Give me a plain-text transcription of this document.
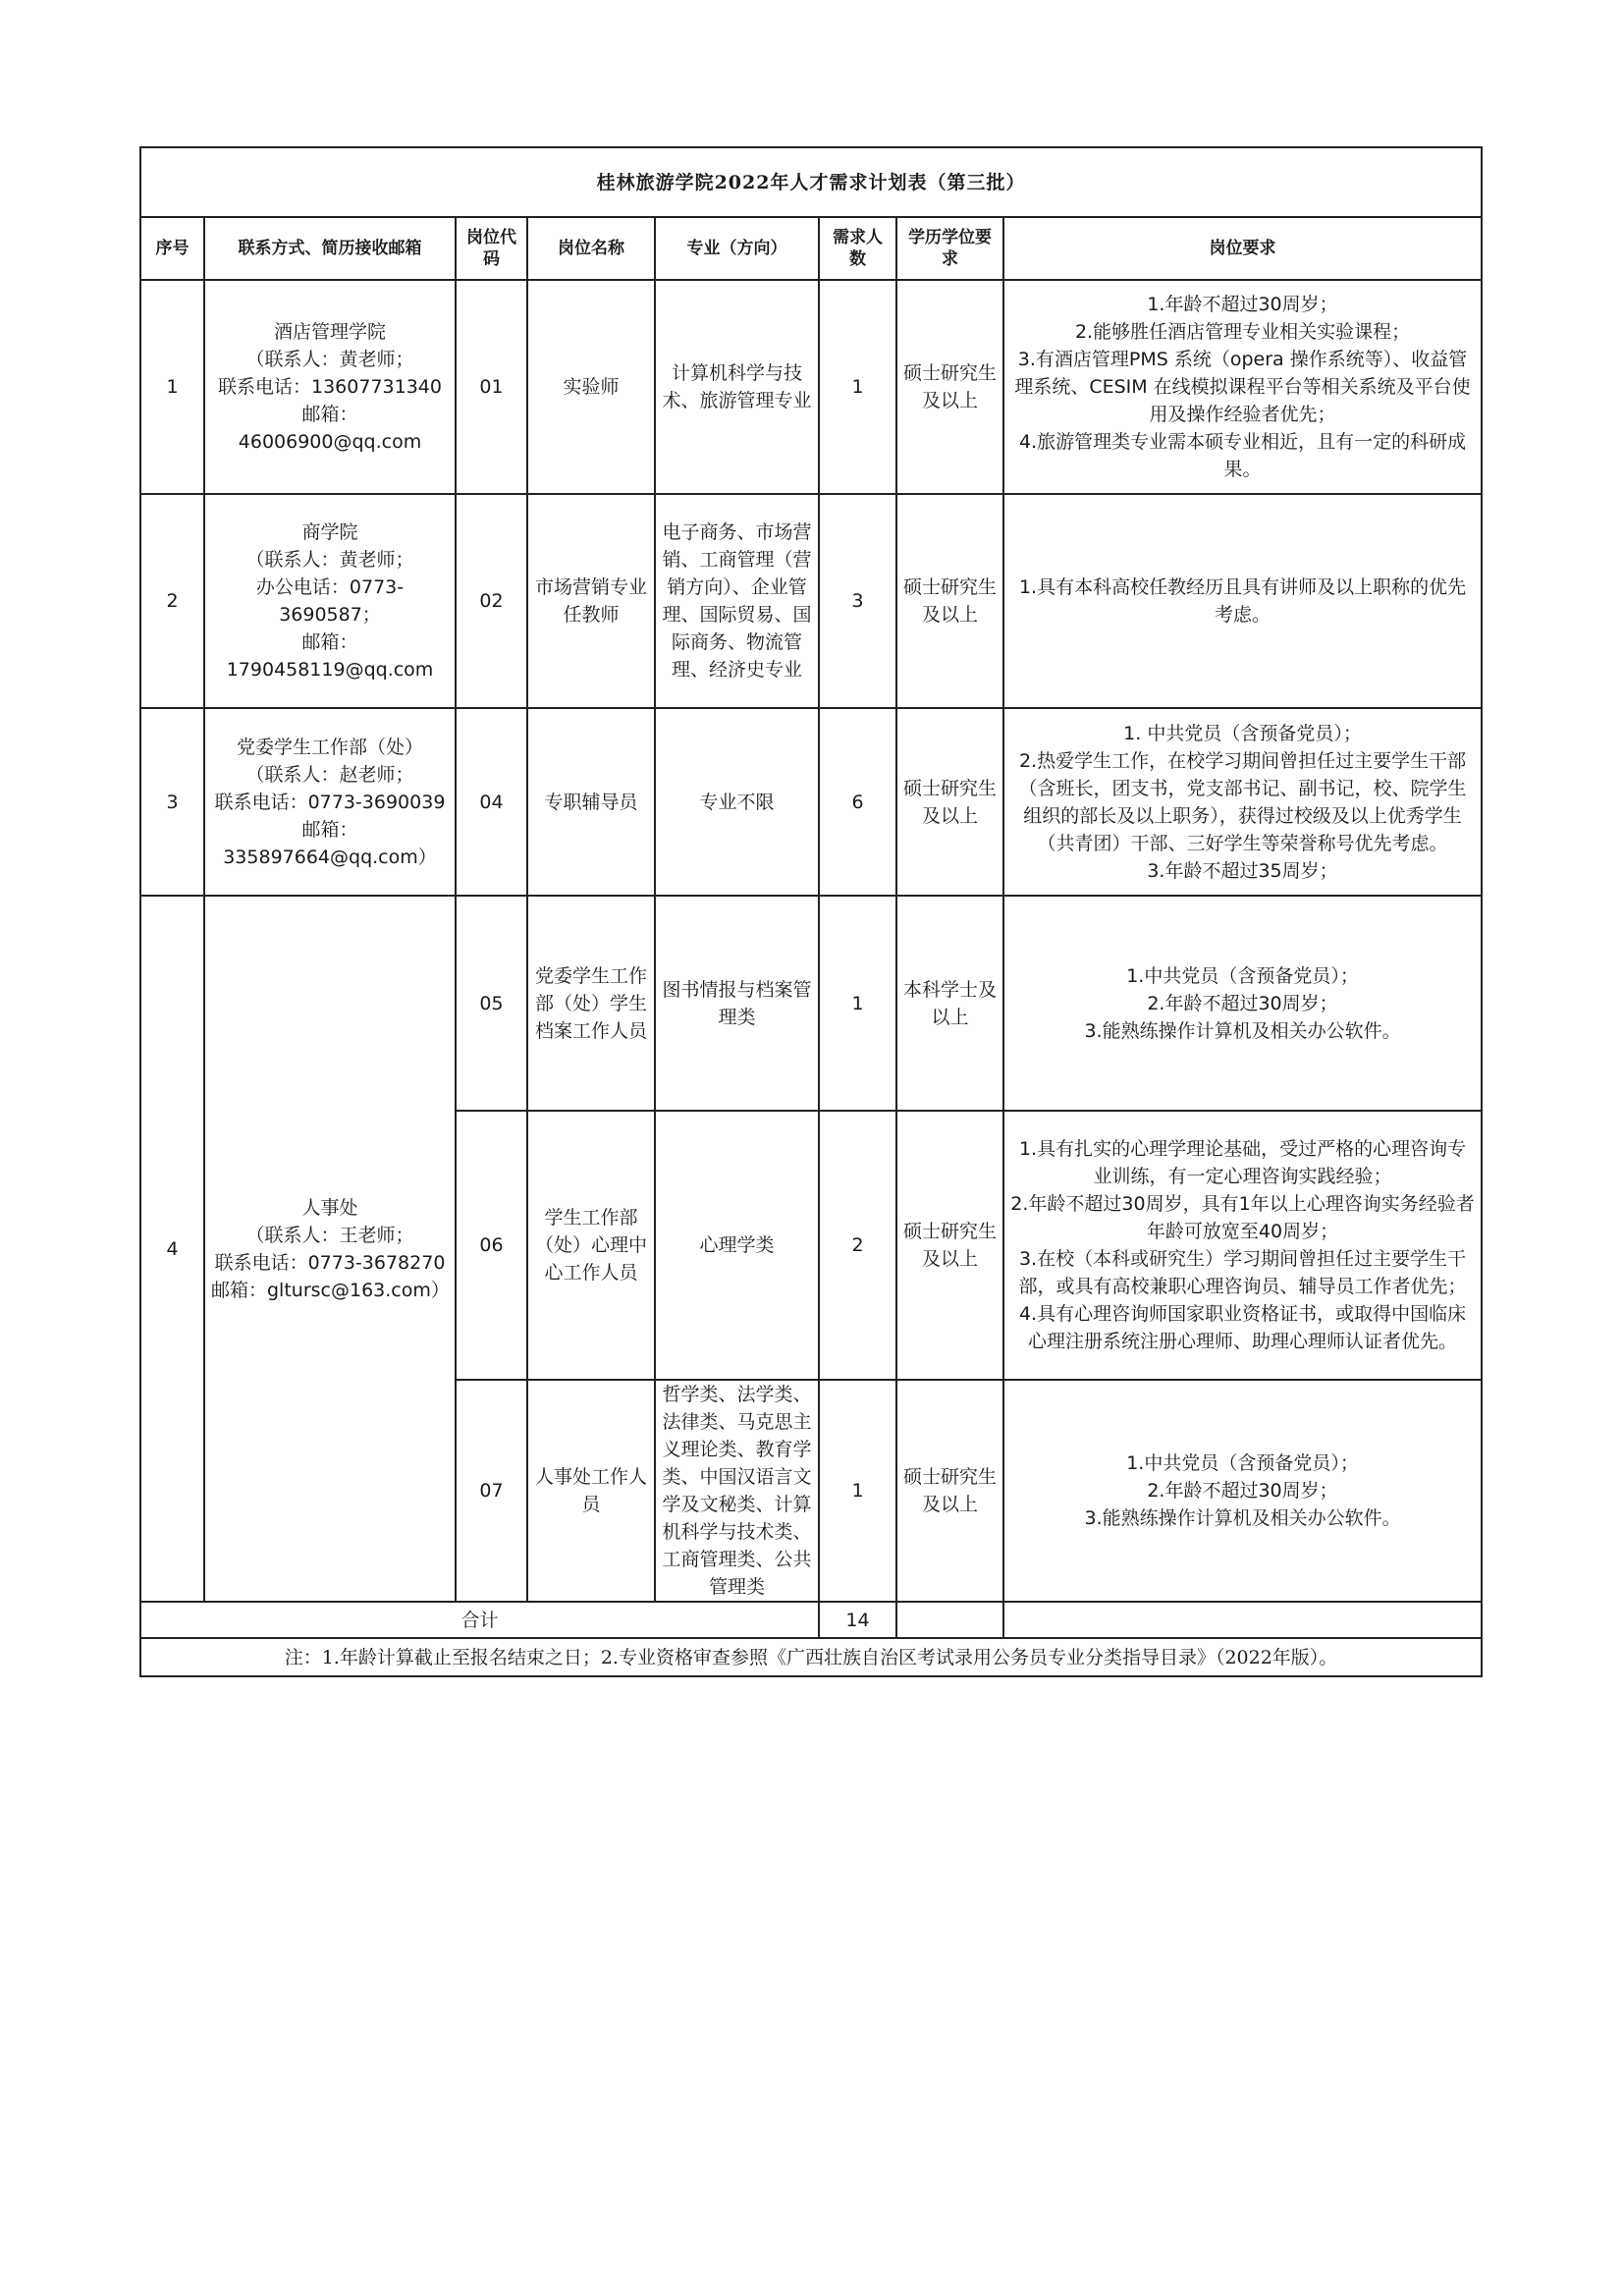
桂林旅游学院2022年人才需求计划表（第三批）							
序号	联系方式、简历接收邮箱	岗位代码	岗位名称	专业（方向）	需求人数	学历学位要求	岗位要求
1	酒店管理学院
（联系人：黄老师；
联系电话：13607731340
邮箱：
46006900@qq.com	01	实验师	计算机科学与技术、旅游管理专业	1	硕士研究生及以上	1.年龄不超过30周岁；
2.能够胜任酒店管理专业相关实验课程；
3.有酒店管理PMS 系统（opera 操作系统等）、收益管理系统、CESIM 在线模拟课程平台等相关系统及平台使用及操作经验者优先；
4.旅游管理类专业需本硕专业相近，且有一定的科研成果。

2	商学院
（联系人：黄老师；
办公电话：0773-3690587；
邮箱：
1790458119@qq.com	02	市场营销专业任教师	电子商务、市场营销、工商管理（营销方向）、企业管理、国际贸易、国际商务、物流管理、经济史专业	3	硕士研究生及以上	1.具有本科高校任教经历且具有讲师及以上职称的优先考虑。

3	党委学生工作部（处）
（联系人：赵老师；
联系电话：0773-3690039
邮箱：
335897664@qq.com）	04	专职辅导员	专业不限	6	硕士研究生及以上	1. 中共党员（含预备党员）；
2.热爱学生工作，在校学习期间曾担任过主要学生干部（含班长，团支书，党支部书记、副书记，校、院学生组织的部长及以上职务），获得过校级及以上优秀学生（共青团）干部、三好学生等荣誉称号优先考虑。
3.年龄不超过35周岁；

4	人事处
（联系人：王老师；
联系电话：0773-3678270
邮箱：gltursc@163.com）	05	党委学生工作部（处）学生档案工作人员	图书情报与档案管理类	1	本科学士及以上	1.中共党员（含预备党员）；
2.年龄不超过30周岁；
3.能熟练操作计算机及相关办公软件。

		06	学生工作部（处）心理中心工作人员	心理学类	2	硕士研究生及以上	1.具有扎实的心理学理论基础，受过严格的心理咨询专业训练，有一定心理咨询实践经验；
2.年龄不超过30周岁，具有1年以上心理咨询实务经验者年龄可放宽至40周岁；
3.在校（本科或研究生）学习期间曾担任过主要学生干部，或具有高校兼职心理咨询员、辅导员工作者优先；
4.具有心理咨询师国家职业资格证书，或取得中国临床心理注册系统注册心理师、助理心理师认证者优先。

		07	人事处工作人员	哲学类、法学类、法律类、马克思主义理论类、教育学类、中国汉语言文学及文秘类、计算机科学与技术类、工商管理类、公共管理类	1	硕士研究生及以上	1.中共党员（含预备党员）；
2.年龄不超过30周岁；
3.能熟练操作计算机及相关办公软件。

合计					14		
注：1.年龄计算截止至报名结束之日；2.专业资格审查参照《广西壮族自治区考试录用公务员专业分类指导目录》（2022年版）。							
